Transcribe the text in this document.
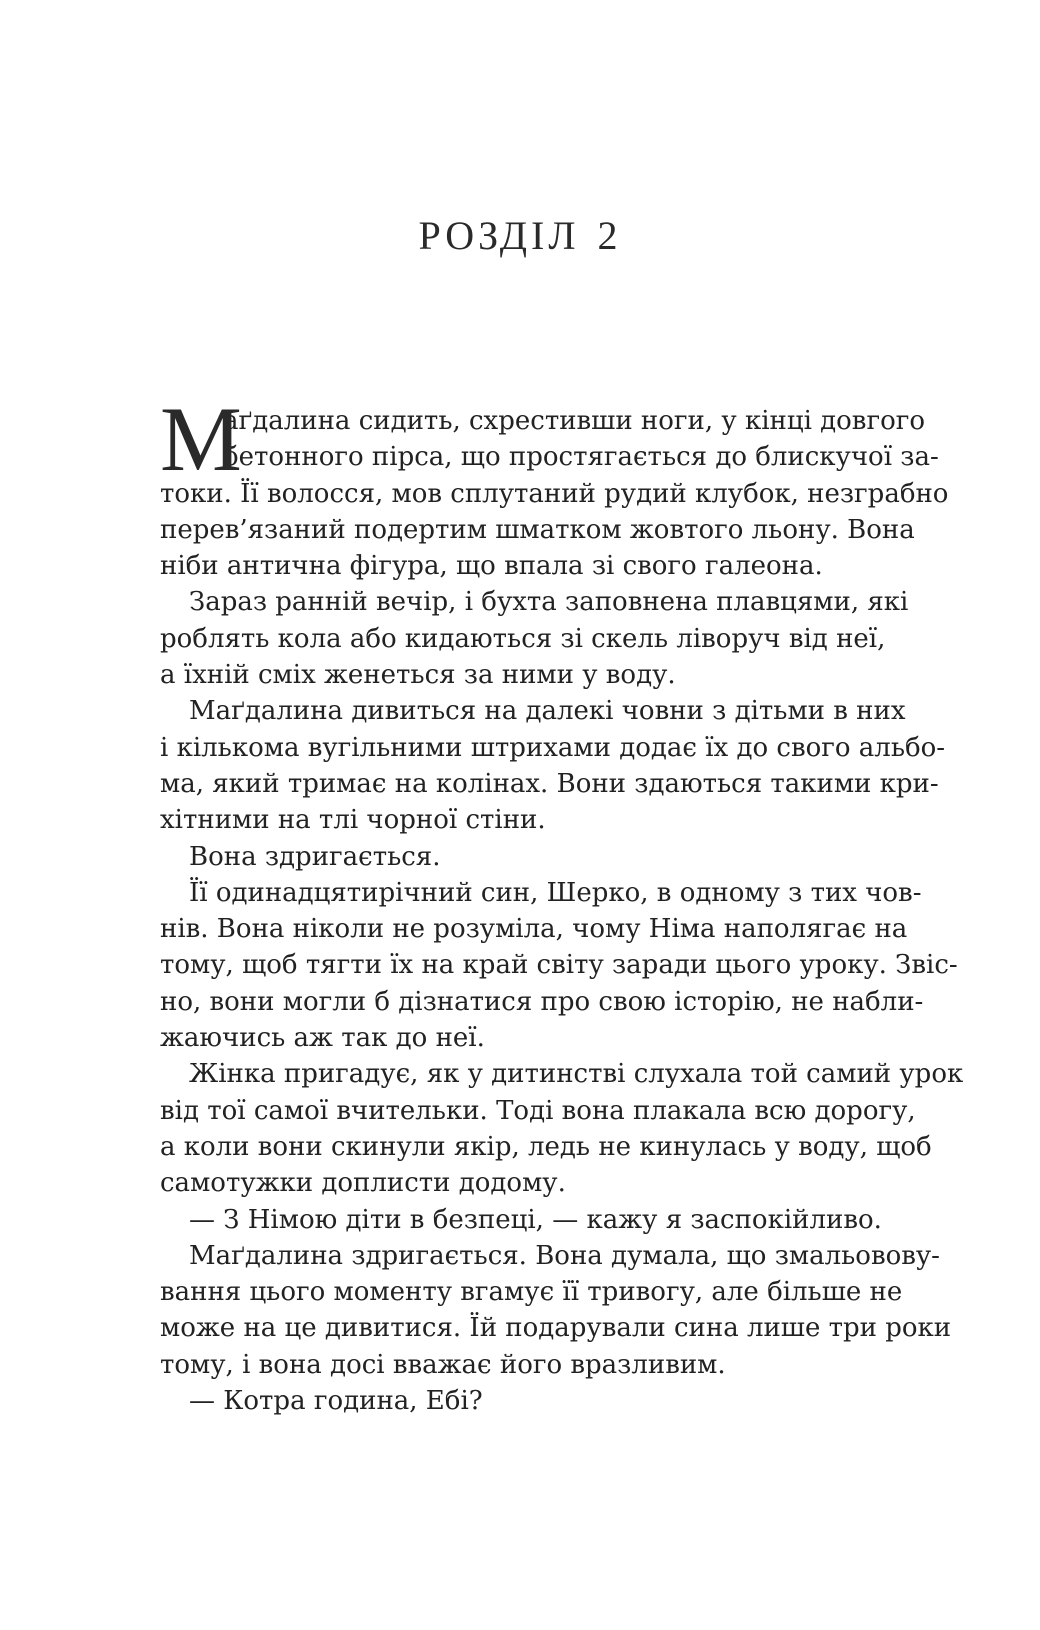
РОЗДІЛ 2
М

аґдалина сидить, схрестивши ноги, у кінці довгого

бетонного пірса, що простягається до блискучої за-

токи. Її волосся, мов сплутаний рудий клубок, незграбно

перев’язаний подертим шматком жовтого льону. Вона

ніби антична фігура, що впала зі свого галеона.

Зараз ранній вечір, і бухта заповнена плавцями, які

роблять кола або кидаються зі скель ліворуч від неї,

а їхній сміх женеться за ними у воду.

Маґдалина дивиться на далекі човни з дітьми в них

і кількома вугільними штрихами додає їх до свого альбо-

ма, який тримає на колінах. Вони здаються такими кри-

хітними на тлі чорної стіни.

Вона здригається.

Її одинадцятирічний син, Шерко, в одному з тих чов-

нів. Вона ніколи не розуміла, чому Німа наполягає на

тому, щоб тягти їх на край світу заради цього уроку. Звіс-

но, вони могли б дізнатися про свою історію, не набли-

жаючись аж так до неї.

Жінка пригадує, як у дитинстві слухала той самий урок

від тої самої вчительки. Тоді вона плакала всю дорогу,

а коли вони скинули якір, ледь не кинулась у воду, щоб

самотужки доплисти додому.

— З Німою діти в безпеці, — кажу я заспокійливо.

Маґдалина здригається. Вона думала, що змальовову-

вання цього моменту вгамує її тривогу, але більше не

може на це дивитися. Їй подарували сина лише три роки

тому, і вона досі вважає його вразливим.

— Котра година, Ебі?
